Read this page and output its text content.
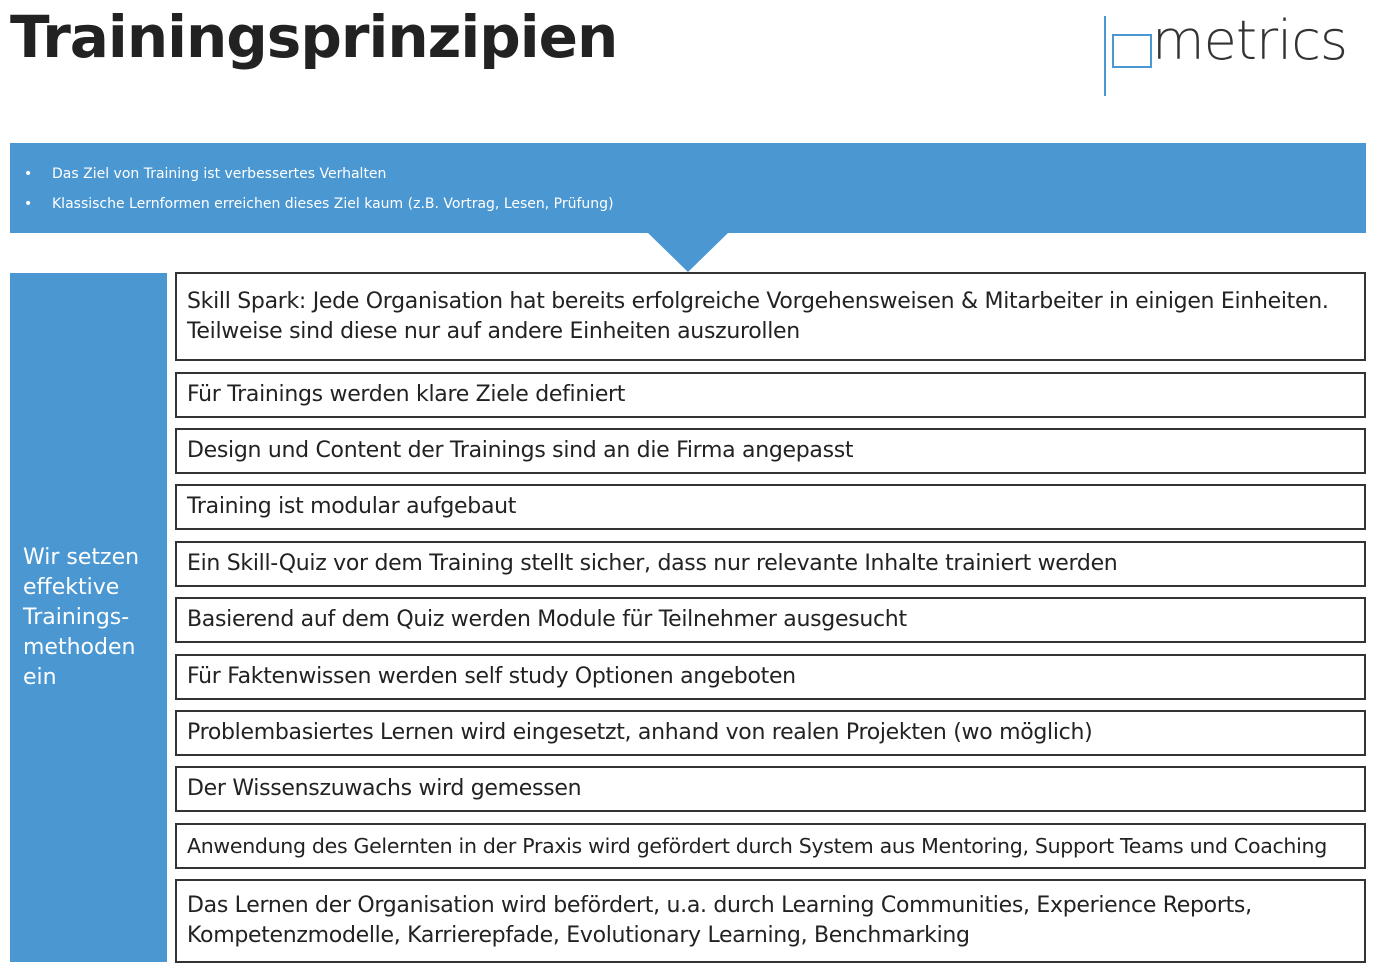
Trainingsprinzipien	metrics
• Das Ziel von Training ist verbessertes Verhalten
• Klassische Lernformen erreichen dieses Ziel kaum (z.B. Vortrag, Lesen, Prüfung)
Wir setzen
effektive
Trainings-
methoden
ein
Skill Spark: Jede Organisation hat bereits erfolgreiche Vorgehensweisen & Mitarbeiter in einigen Einheiten.
Teilweise sind diese nur auf andere Einheiten auszurollen
Für Trainings werden klare Ziele definiert
Design und Content der Trainings sind an die Firma angepasst
Training ist modular aufgebaut
Ein Skill-Quiz vor dem Training stellt sicher, dass nur relevante Inhalte trainiert werden
Basierend auf dem Quiz werden Module für Teilnehmer ausgesucht
Für Faktenwissen werden self study Optionen angeboten
Problembasiertes Lernen wird eingesetzt, anhand von realen Projekten (wo möglich)
Der Wissenszuwachs wird gemessen
Anwendung des Gelernten in der Praxis wird gefördert durch System aus Mentoring, Support Teams und Coaching
Das Lernen der Organisation wird befördert, u.a. durch Learning Communities, Experience Reports,
Kompetenzmodelle, Karrierepfade, Evolutionary Learning, Benchmarking
